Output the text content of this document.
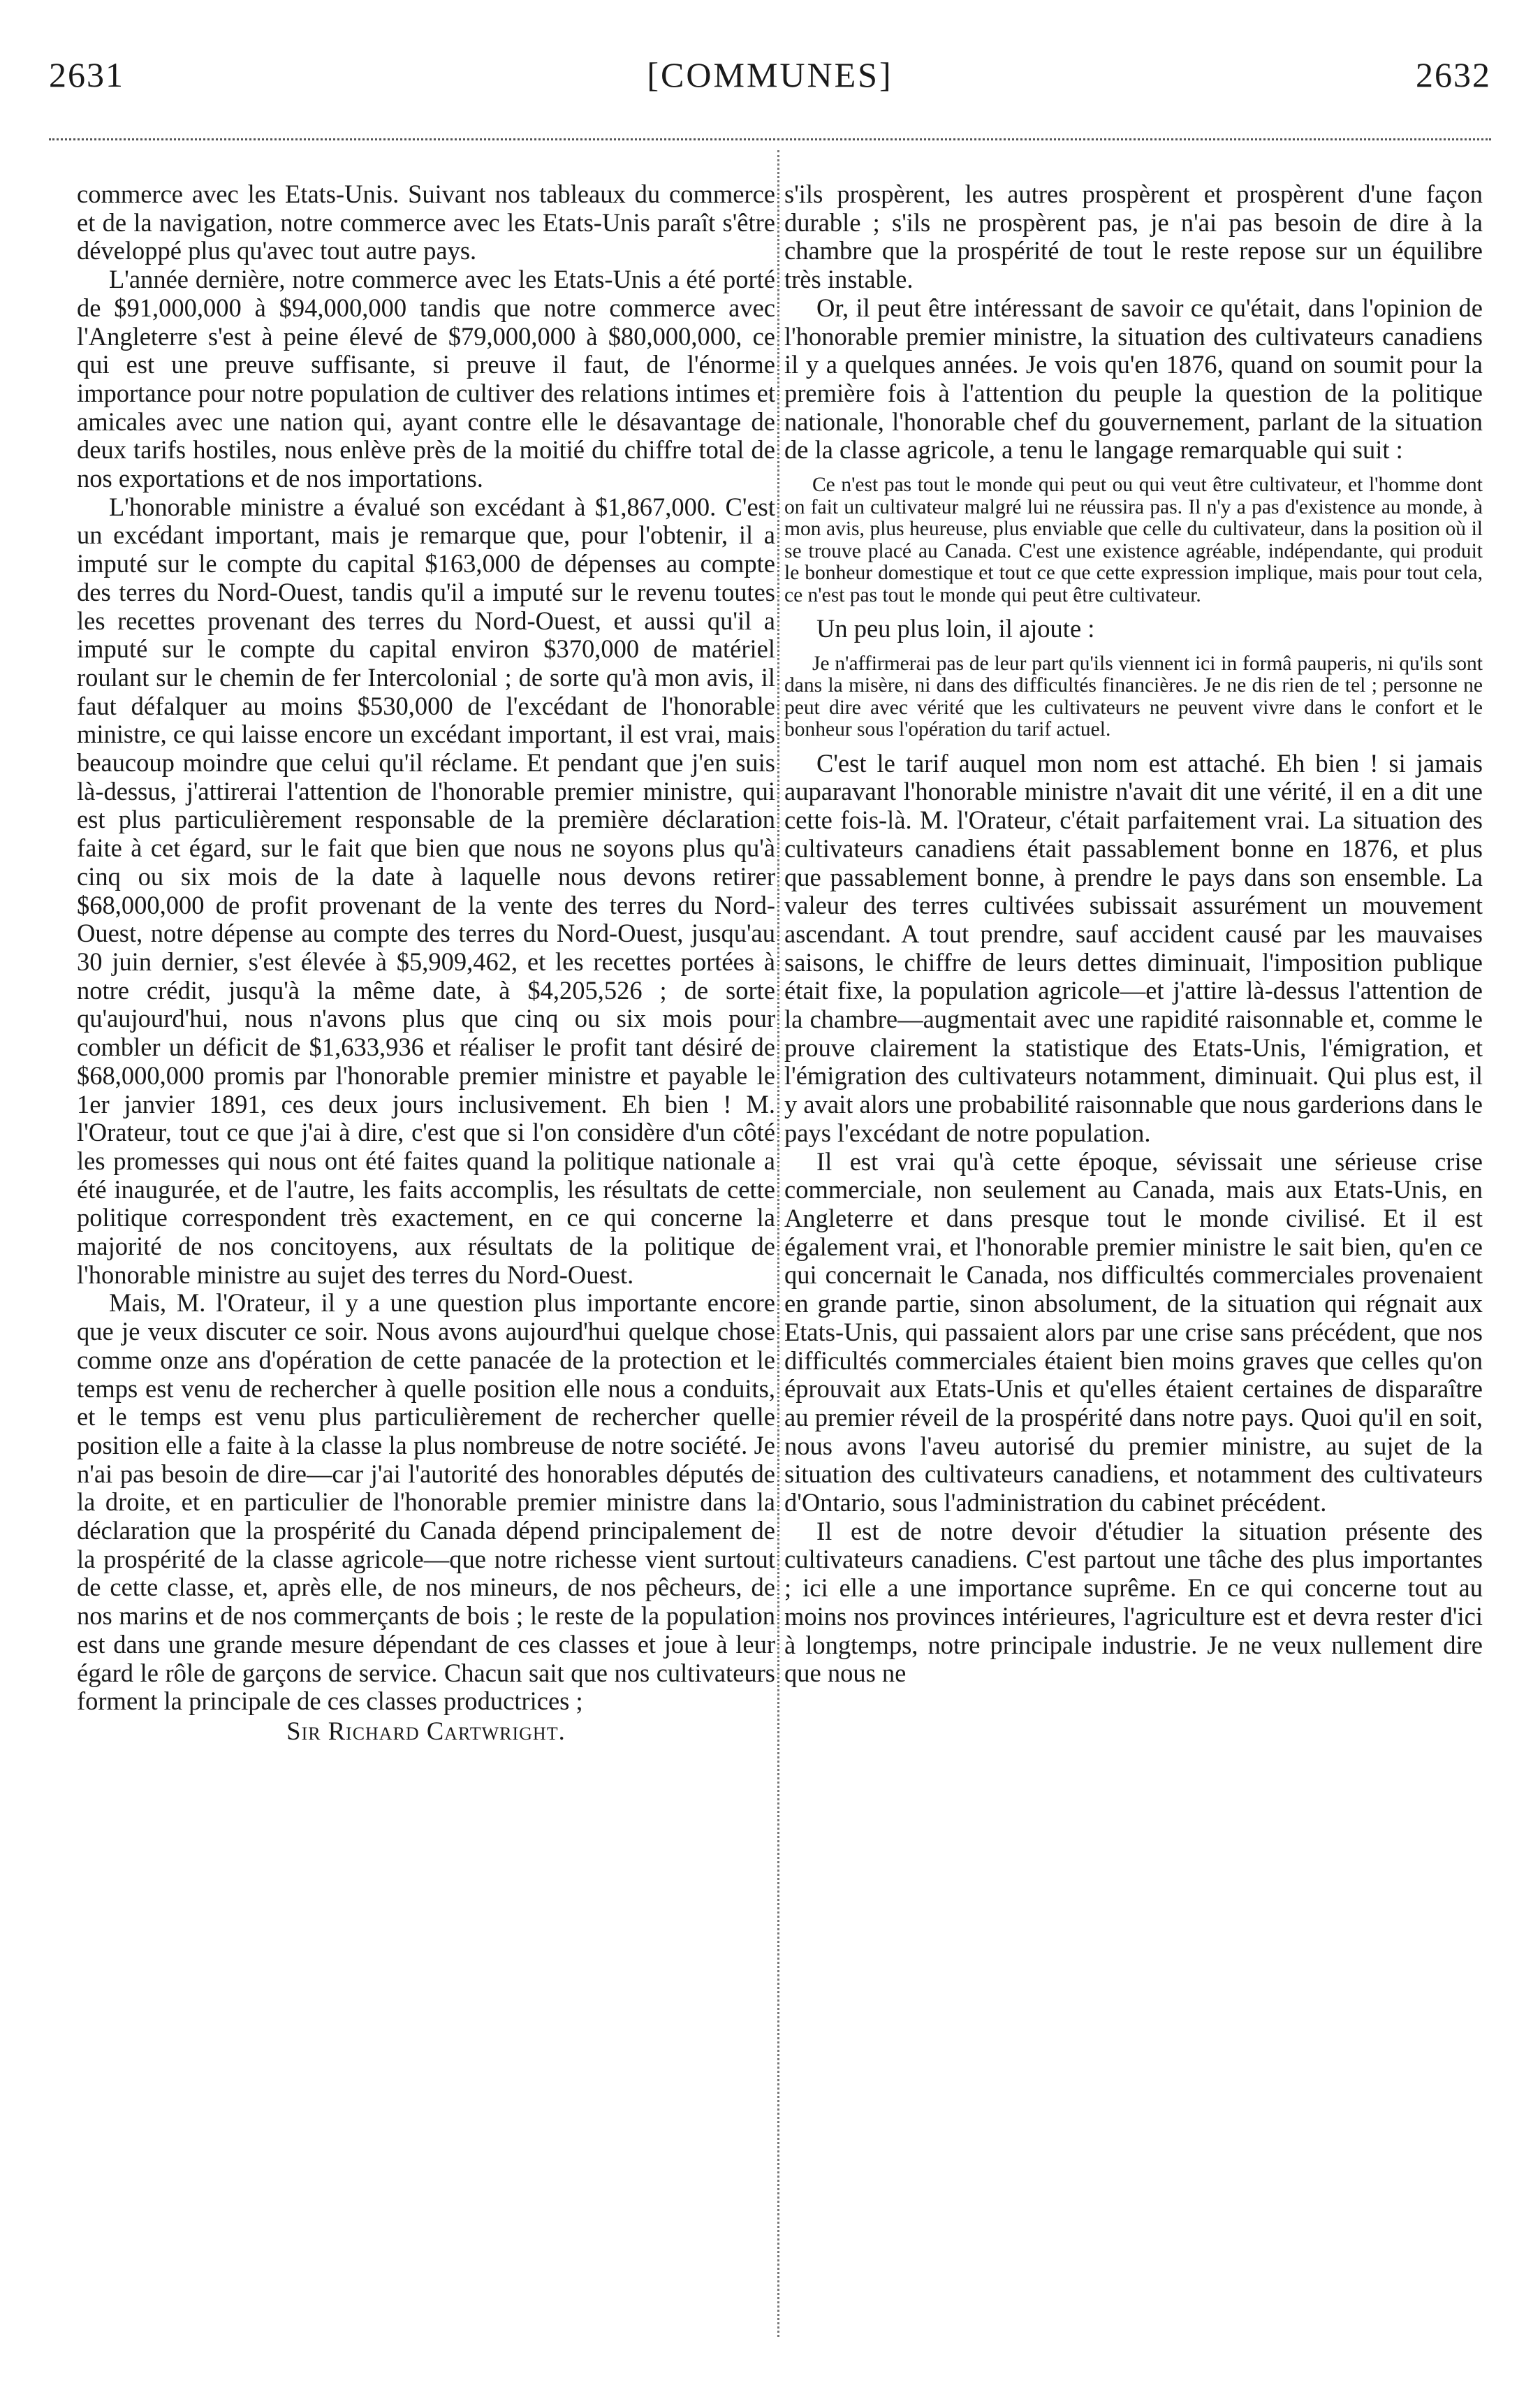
2631	[COMMUNES]	2632

commerce avec les Etats-Unis. Suivant nos tableaux du commerce et de la navigation, notre commerce avec les Etats-Unis paraît s'être développé plus qu'avec tout autre pays.

L'année dernière, notre commerce avec les Etats-Unis a été porté de $91,000,000 à $94,000,000 tandis que notre commerce avec l'Angleterre s'est à peine élevé de $79,000,000 à $80,000,000, ce qui est une preuve suffisante, si preuve il faut, de l'énorme importance pour notre population de cultiver des relations intimes et amicales avec une nation qui, ayant contre elle le désavantage de deux tarifs hostiles, nous enlève près de la moitié du chiffre total de nos exportations et de nos importations.

L'honorable ministre a évalué son excédant à $1,867,000. C'est un excédant important, mais je remarque que, pour l'obtenir, il a imputé sur le compte du capital $163,000 de dépenses au compte des terres du Nord-Ouest, tandis qu'il a imputé sur le revenu toutes les recettes provenant des terres du Nord-Ouest, et aussi qu'il a imputé sur le compte du capital environ $370,000 de matériel roulant sur le chemin de fer Intercolonial ; de sorte qu'à mon avis, il faut défalquer au moins $530,000 de l'excédant de l'honorable ministre, ce qui laisse encore un excédant important, il est vrai, mais beaucoup moindre que celui qu'il réclame. Et pendant que j'en suis là-dessus, j'attirerai l'attention de l'honorable premier ministre, qui est plus particulièrement responsable de la première déclaration faite à cet égard, sur le fait que bien que nous ne soyons plus qu'à cinq ou six mois de la date à laquelle nous devons retirer $68,000,000 de profit provenant de la vente des terres du Nord-Ouest, notre dépense au compte des terres du Nord-Ouest, jusqu'au 30 juin dernier, s'est élevée à $5,909,462, et les recettes portées à notre crédit, jusqu'à la même date, à $4,205,526 ; de sorte qu'aujourd'hui, nous n'avons plus que cinq ou six mois pour combler un déficit de $1,633,936 et réaliser le profit tant désiré de $68,000,000 promis par l'honorable premier ministre et payable le 1er janvier 1891, ces deux jours inclusivement. Eh bien ! M. l'Orateur, tout ce que j'ai à dire, c'est que si l'on considère d'un côté les promesses qui nous ont été faites quand la politique nationale a été inaugurée, et de l'autre, les faits accomplis, les résultats de cette politique correspondent très exactement, en ce qui concerne la majorité de nos concitoyens, aux résultats de la politique de l'honorable ministre au sujet des terres du Nord-Ouest.

Mais, M. l'Orateur, il y a une question plus importante encore que je veux discuter ce soir. Nous avons aujourd'hui quelque chose comme onze ans d'opération de cette panacée de la protection et le temps est venu de rechercher à quelle position elle nous a conduits, et le temps est venu plus particulièrement de rechercher quelle position elle a faite à la classe la plus nombreuse de notre société. Je n'ai pas besoin de dire—car j'ai l'autorité des honorables députés de la droite, et en particulier de l'honorable premier ministre dans la déclaration que la prospérité du Canada dépend principalement de la prospérité de la classe agricole—que notre richesse vient surtout de cette classe, et, après elle, de nos mineurs, de nos pêcheurs, de nos marins et de nos commerçants de bois ; le reste de la population est dans une grande mesure dépendant de ces classes et joue à leur égard le rôle de garçons de service. Chacun sait que nos cultivateurs forment la principale de ces classes productrices ;

Sir Richard Cartwright.

s'ils prospèrent, les autres prospèrent et prospèrent d'une façon durable ; s'ils ne prospèrent pas, je n'ai pas besoin de dire à la chambre que la prospérité de tout le reste repose sur un équilibre très instable.

Or, il peut être intéressant de savoir ce qu'était, dans l'opinion de l'honorable premier ministre, la situation des cultivateurs canadiens il y a quelques années. Je vois qu'en 1876, quand on soumit pour la première fois à l'attention du peuple la question de la politique nationale, l'honorable chef du gouvernement, parlant de la situation de la classe agricole, a tenu le langage remarquable qui suit :

Ce n'est pas tout le monde qui peut ou qui veut être cultivateur, et l'homme dont on fait un cultivateur malgré lui ne réussira pas. Il n'y a pas d'existence au monde, à mon avis, plus heureuse, plus enviable que celle du cultivateur, dans la position où il se trouve placé au Canada. C'est une existence agréable, indépendante, qui produit le bonheur domestique et tout ce que cette expression implique, mais pour tout cela, ce n'est pas tout le monde qui peut être cultivateur.

Un peu plus loin, il ajoute :

Je n'affirmerai pas de leur part qu'ils viennent ici in formâ pauperis, ni qu'ils sont dans la misère, ni dans des difficultés financières. Je ne dis rien de tel ; personne ne peut dire avec vérité que les cultivateurs ne peuvent vivre dans le confort et le bonheur sous l'opération du tarif actuel.

C'est le tarif auquel mon nom est attaché. Eh bien ! si jamais auparavant l'honorable ministre n'avait dit une vérité, il en a dit une cette fois-là. M. l'Orateur, c'était parfaitement vrai. La situation des cultivateurs canadiens était passablement bonne en 1876, et plus que passablement bonne, à prendre le pays dans son ensemble. La valeur des terres cultivées subissait assurément un mouvement ascendant. A tout prendre, sauf accident causé par les mauvaises saisons, le chiffre de leurs dettes diminuait, l'imposition publique était fixe, la population agricole—et j'attire là-dessus l'attention de la chambre—augmentait avec une rapidité raisonnable et, comme le prouve clairement la statistique des Etats-Unis, l'émigration, et l'émigration des cultivateurs notamment, diminuait. Qui plus est, il y avait alors une probabilité raisonnable que nous garderions dans le pays l'excédant de notre population.

Il est vrai qu'à cette époque, sévissait une sérieuse crise commerciale, non seulement au Canada, mais aux Etats-Unis, en Angleterre et dans presque tout le monde civilisé. Et il est également vrai, et l'honorable premier ministre le sait bien, qu'en ce qui concernait le Canada, nos difficultés commerciales provenaient en grande partie, sinon absolument, de la situation qui régnait aux Etats-Unis, qui passaient alors par une crise sans précédent, que nos difficultés commerciales étaient bien moins graves que celles qu'on éprouvait aux Etats-Unis et qu'elles étaient certaines de disparaître au premier réveil de la prospérité dans notre pays. Quoi qu'il en soit, nous avons l'aveu autorisé du premier ministre, au sujet de la situation des cultivateurs canadiens, et notamment des cultivateurs d'Ontario, sous l'administration du cabinet précédent.

Il est de notre devoir d'étudier la situation présente des cultivateurs canadiens. C'est partout une tâche des plus importantes ; ici elle a une importance suprême. En ce qui concerne tout au moins nos provinces intérieures, l'agriculture est et devra rester d'ici à longtemps, notre principale industrie. Je ne veux nullement dire que nous ne
